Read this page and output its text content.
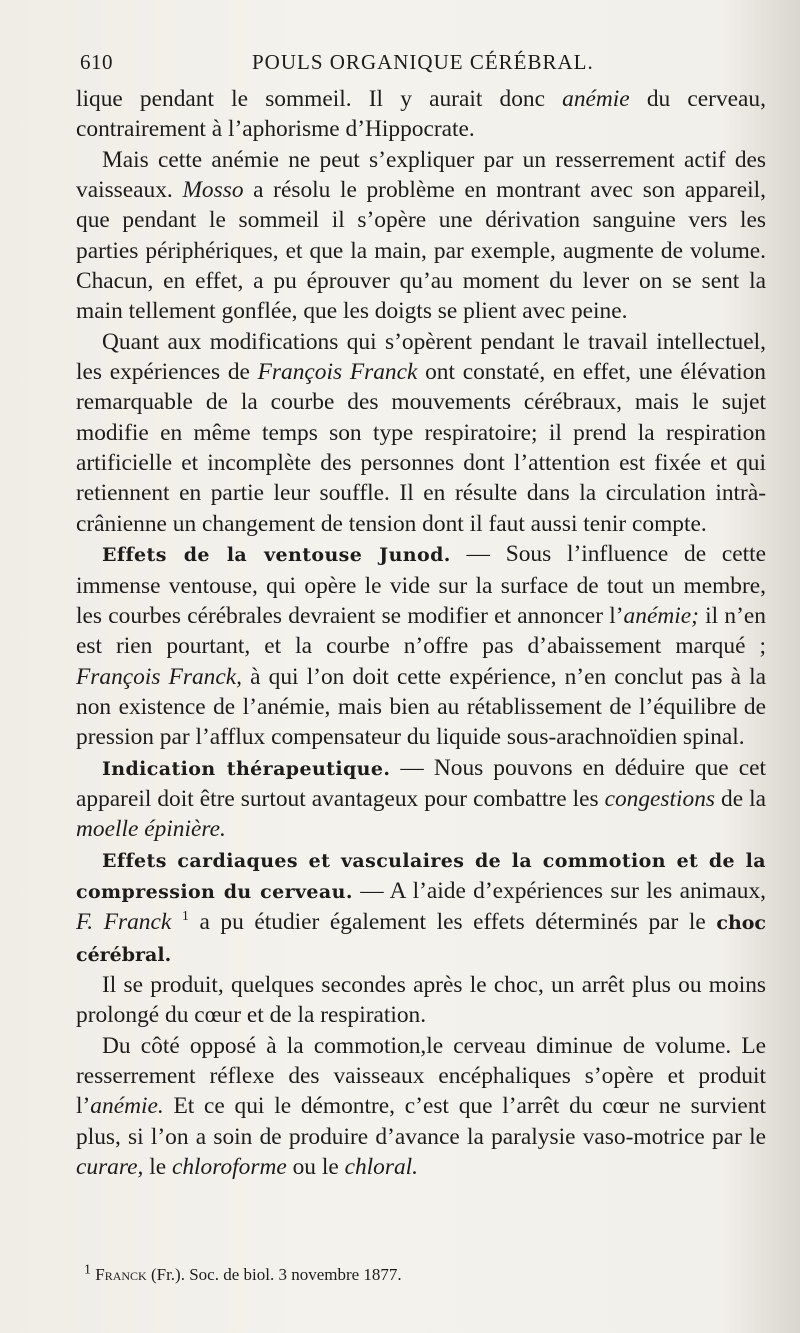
610	POULS ORGANIQUE CÉRÉBRAL.

lique pendant le sommeil. Il y aurait donc anémie du cerveau, contrairement à l’aphorisme d’Hippocrate.

Mais cette anémie ne peut s’expliquer par un resserrement actif des vaisseaux. Mosso a résolu le problème en montrant avec son appareil, que pendant le sommeil il s’opère une dérivation sanguine vers les parties périphériques, et que la main, par exemple, augmente de volume. Chacun, en effet, a pu éprouver qu’au moment du lever on se sent la main tellement gonflée, que les doigts se plient avec peine.

Quant aux modifications qui s’opèrent pendant le travail intellectuel, les expériences de François Franck ont constaté, en effet, une élévation remarquable de la courbe des mouvements cérébraux, mais le sujet modifie en même temps son type respiratoire; il prend la respiration artificielle et incomplète des personnes dont l’attention est fixée et qui retiennent en partie leur souffle. Il en résulte dans la circulation intrà-crânienne un changement de tension dont il faut aussi tenir compte.

Effets de la ventouse Junod. — Sous l’influence de cette immense ventouse, qui opère le vide sur la surface de tout un membre, les courbes cérébrales devraient se modifier et annoncer l’anémie; il n’en est rien pourtant, et la courbe n’offre pas d’abaissement marqué ; François Franck, à qui l’on doit cette expérience, n’en conclut pas à la non existence de l’anémie, mais bien au rétablissement de l’équilibre de pression par l’afflux compensateur du liquide sous-arachnoïdien spinal.

Indication thérapeutique. — Nous pouvons en déduire que cet appareil doit être surtout avantageux pour combattre les congestions de la moelle épinière.

Effets cardiaques et vasculaires de la commotion et de la compression du cerveau. — A l’aide d’expériences sur les animaux, F. Franck $^1$ a pu étudier également les effets déterminés par le choc cérébral.

Il se produit, quelques secondes après le choc, un arrêt plus ou moins prolongé du cœur et de la respiration.

Du côté opposé à la commotion,le cerveau diminue de volume. Le resserrement réflexe des vaisseaux encéphaliques s’opère et produit l’anémie. Et ce qui le démontre, c’est que l’arrêt du cœur ne survient plus, si l’on a soin de produire d’avance la paralysie vaso-motrice par le curare, le chloroforme ou le chloral.

$^1$ Franck (Fr.). Soc. de biol. 3 novembre 1877.
